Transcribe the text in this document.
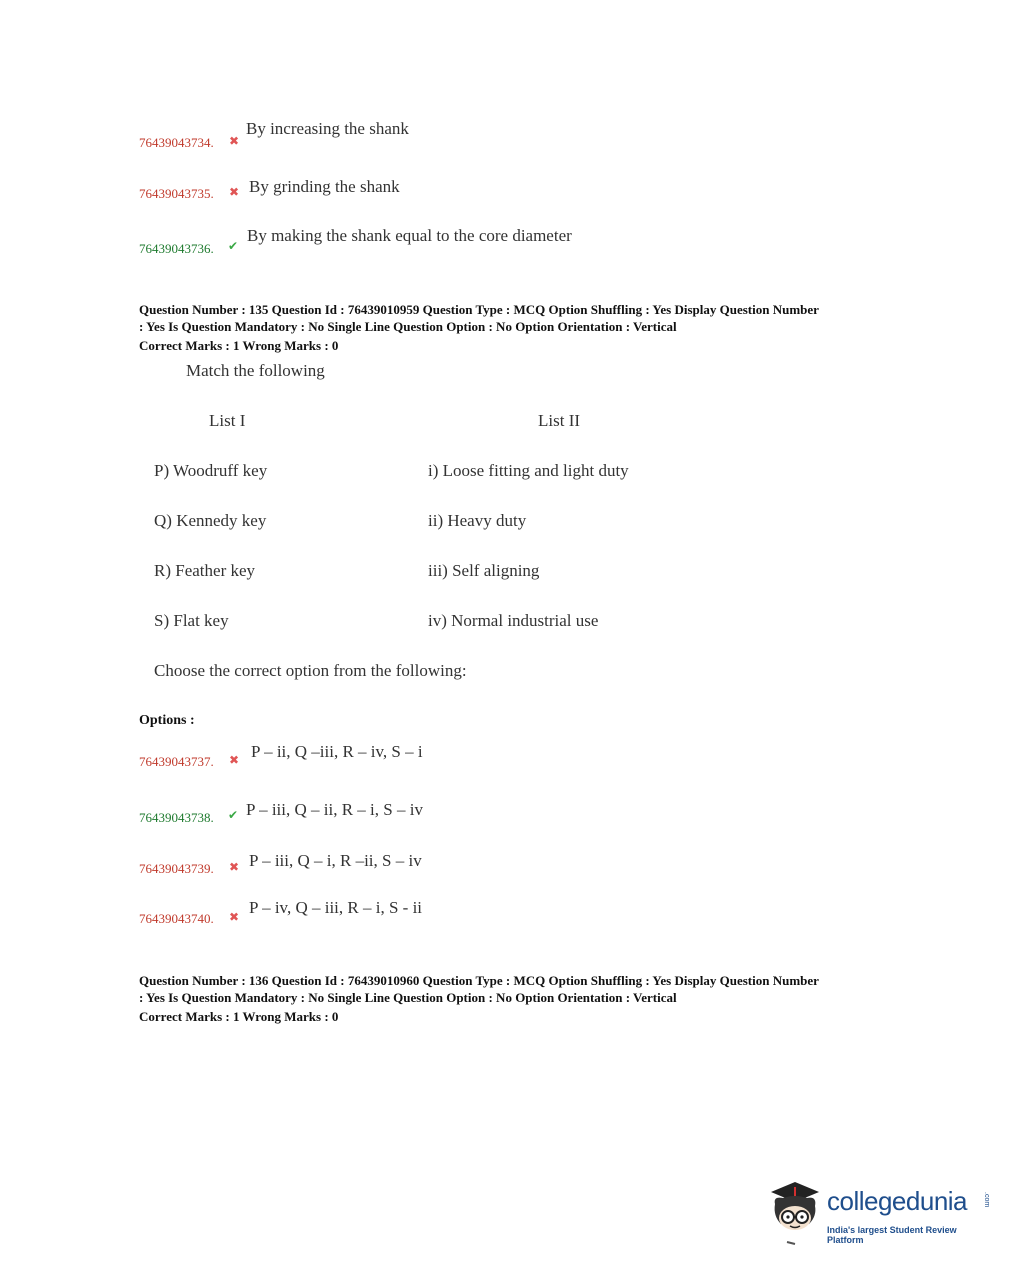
76439043734. ✖
By increasing the shank
76439043735. ✖ By grinding the shank
76439043736. ✔
By making the shank equal to the core diameter
Question Number : 135 Question Id : 76439010959 Question Type : MCQ Option Shuffling : Yes Display Question Number
: Yes Is Question Mandatory : No Single Line Question Option : No Option Orientation : Vertical
Correct Marks : 1 Wrong Marks : 0
Match the following
List I	List II
P) Woodruff key	i) Loose fitting and light duty
Q) Kennedy key	ii) Heavy duty
R) Feather key	iii) Self aligning
S) Flat key	iv) Normal industrial use
Choose the correct option from the following:
Options :
76439043737. ✖ P – ii, Q –iii, R – iv, S – i
76439043738. ✔ P – iii, Q – ii, R – i, S – iv
76439043739. ✖ P – iii, Q – i, R –ii, S – iv
76439043740. ✖ P – iv, Q – iii, R – i, S - ii
Question Number : 136 Question Id : 76439010960 Question Type : MCQ Option Shuffling : Yes Display Question Number
: Yes Is Question Mandatory : No Single Line Question Option : No Option Orientation : Vertical
Correct Marks : 1 Wrong Marks : 0
collegedunia .com
India's largest Student Review Platform
